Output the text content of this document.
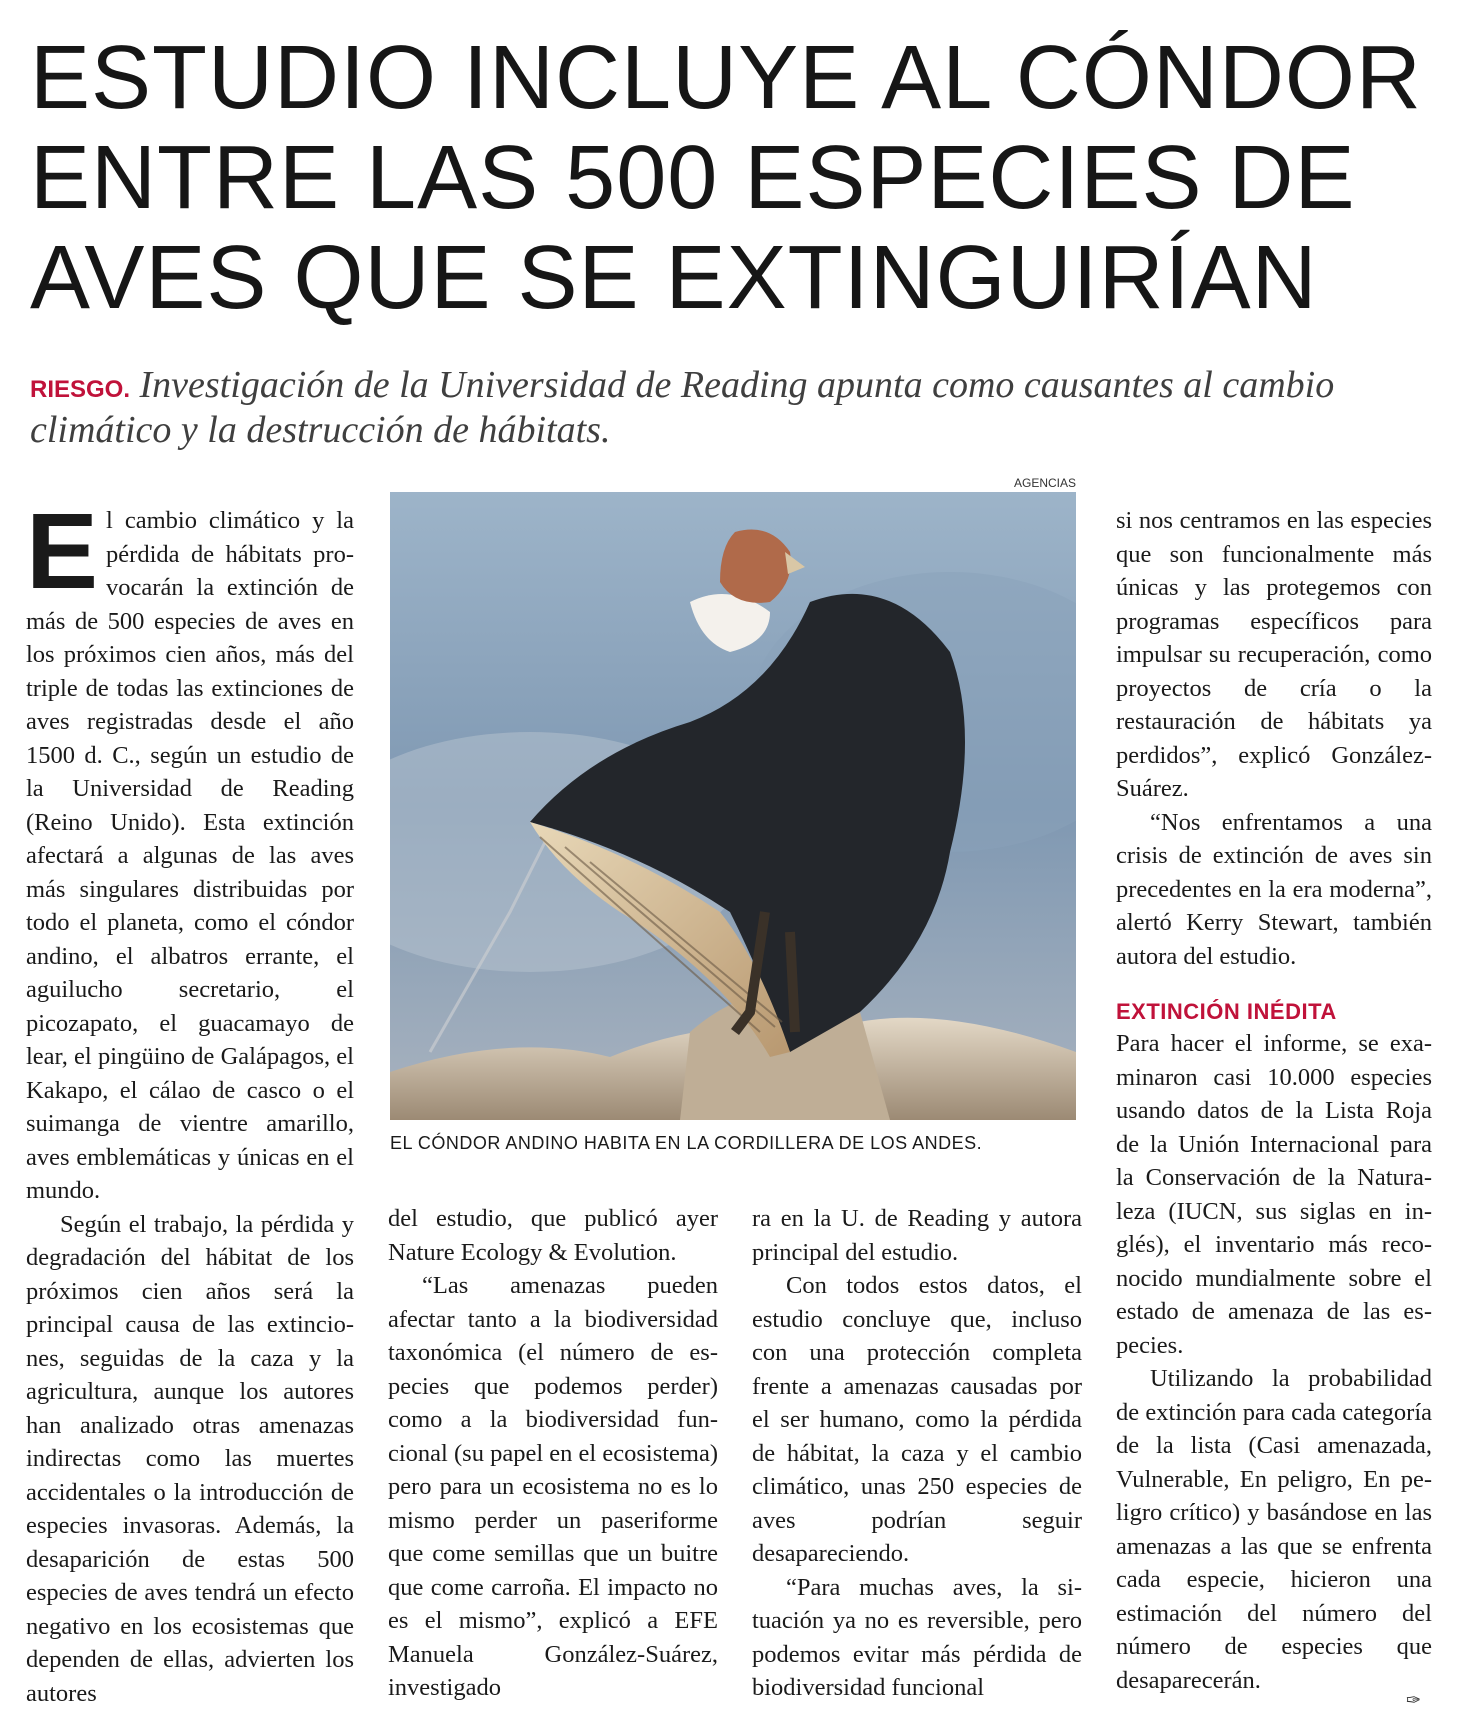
ESTUDIO INCLUYE AL CÓNDOR
ENTRE LAS 500 ESPECIES DE
AVES QUE SE EXTINGUIRÍAN
RIESGO. Investigación de la Universidad de Reading apunta como causantes al cambio climático y la destrucción de hábitats.
AGENCIAS
EL CÓNDOR ANDINO HABITA EN LA CORDILLERA DE LOS ANDES.

El cambio climático y la pérdida de hábitats provocarán la extinción de más de 500 especies de aves en los próximos cien años, más del triple de todas las extinciones de aves registradas desde el año 1500 d. C., según un estudio de la Universidad de Reading (Reino Unido). Esta extinción afectará a algunas de las aves más singulares distribuidas por todo el planeta, como el cóndor andino, el albatros errante, el aguilucho secretario, el picozapato, el guacamayo de lear, el pingüino de Galápagos, el Kakapo, el cálao de casco o el suimanga de vientre amarillo, aves emblemáticas y únicas en el mundo.

Según el trabajo, la pérdida y degradación del hábitat de los próximos cien años será la principal causa de las extinciones, seguidas de la caza y la agricultura, aunque los autores han analizado otras amenazas indirectas como las muertes accidentales o la introducción de especies invasoras. Además, la desaparición de estas 500 especies de aves tendrá un efecto negativo en los ecosistemas que dependen de ellas, advierten los autores

del estudio, que publicó ayer Nature Ecology & Evolution.

“Las amenazas pueden afectar tanto a la biodiversidad taxonómica (el número de especies que podemos perder) como a la biodiversidad funcional (su papel en el ecosistema) pero para un ecosistema no es lo mismo perder un paseriforme que come semillas que un buitre que come carroña. El impacto no es el mismo”, explicó a EFE Manuela González-Suárez, investigado

ra en la U. de Reading y autora principal del estudio.

Con todos estos datos, el estudio concluye que, incluso con una protección completa frente a amenazas causadas por el ser humano, como la pérdida de hábitat, la caza y el cambio climático, unas 250 especies de aves podrían seguir desapareciendo.

“Para muchas aves, la situación ya no es reversible, pero podemos evitar más pérdida de biodiversidad funcional

si nos centramos en las especies que son funcionalmente más únicas y las protegemos con programas específicos para impulsar su recuperación, como proyectos de cría o la restauración de hábitats ya perdidos”, explicó González-Suárez.

“Nos enfrentamos a una crisis de extinción de aves sin precedentes en la era moderna”, alertó Kerry Stewart, también autora del estudio.

EXTINCIÓN INÉDITA

Para hacer el informe, se examinaron casi 10.000 especies usando datos de la Lista Roja de la Unión Internacional para la Conservación de la Naturaleza (IUCN, sus siglas en inglés), el inventario más reconocido mundialmente sobre el estado de amenaza de las especies.

Utilizando la probabilidad de extinción para cada categoría de la lista (Casi amenazada, Vulnerable, En peligro, En peligro crítico) y basándose en las amenazas a las que se enfrenta cada especie, hicieron una estimación del número del número de especies que desaparecerán.

✑
